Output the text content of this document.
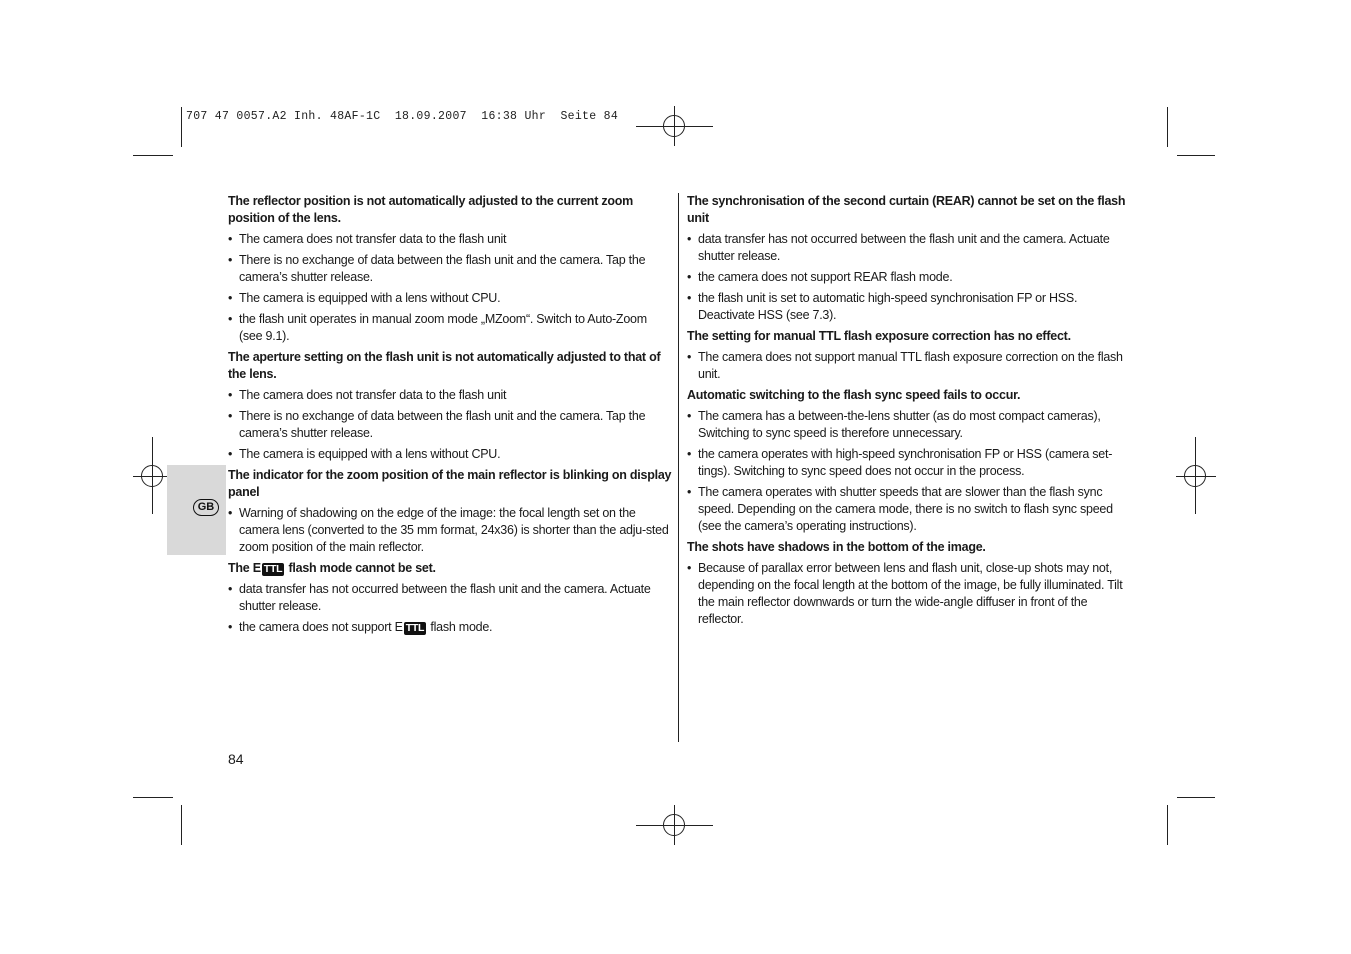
707 47 0057.A2 Inh. 48AF-1C  18.09.2007  16:38 Uhr  Seite 84
GB

The reflector position is not automatically adjusted to the current zoom position of the lens.

• The camera does not transfer data to the flash unit
• There is no exchange of data between the flash unit and the camera. Tap the camera’s shutter release.
• The camera is equipped with a lens without CPU.
• the flash unit operates in manual zoom mode „MZoom“. Switch to Auto-Zoom (see 9.1).

The aperture setting on the flash unit is not automatically adjusted to that of the lens.

• The camera does not transfer data to the flash unit
• There is no exchange of data between the flash unit and the camera. Tap the camera’s shutter release.
• The camera is equipped with a lens without CPU.

The indicator for the zoom position of the main reflector is blinking on display panel

• Warning of shadowing on the edge of the image: the focal length set on the camera lens (converted to the 35 mm format, 24x36) is shorter than the adju-sted zoom position of the main reflector.

The E TTL flash mode cannot be set.

• data transfer has not occurred between the flash unit and the camera. Actuate shutter release.
• the camera does not support E TTL flash mode.

The synchronisation of the second curtain (REAR) cannot be set on the flash unit

• data transfer has not occurred between the flash unit and the camera. Actuate shutter release.
• the camera does not support REAR flash mode.
• the flash unit is set to automatic high-speed synchronisation FP or HSS. Deactivate HSS (see 7.3).

The setting for manual TTL flash exposure correction has no effect.

• The camera does not support manual TTL flash exposure correction on the flash unit.

Automatic switching to the flash sync speed fails to occur.

• The camera has a between-the-lens shutter (as do most compact cameras), Switching to sync speed is therefore unnecessary.
• the camera operates with high-speed synchronisation FP or HSS (camera set-tings). Switching to sync speed does not occur in the process.
• The camera operates with shutter speeds that are slower than the flash sync speed. Depending on the camera mode, there is no switch to flash sync speed (see the camera’s operating instructions).

The shots have shadows in the bottom of the image.

• Because of parallax error between lens and flash unit, close-up shots may not, depending on the focal length at the bottom of the image, be fully illuminated. Tilt the main reflector downwards or turn the wide-angle diffuser in front of the reflector.
84
